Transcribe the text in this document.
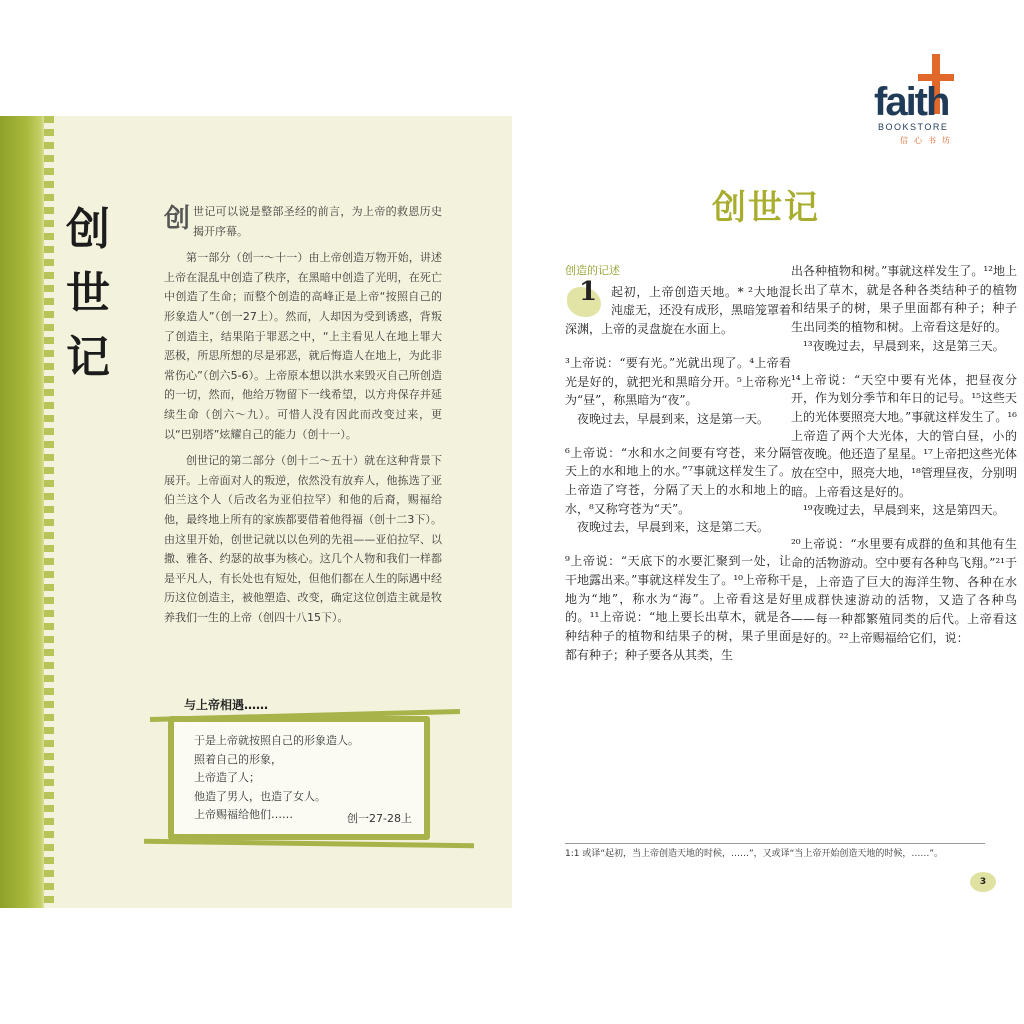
创
世
记

创世记可以说是整部圣经的前言，为上帝的救恩历史揭开序幕。

第一部分（创一～十一）由上帝创造万物开始，讲述上帝在混乱中创造了秩序，在黑暗中创造了光明，在死亡中创造了生命；而整个创造的高峰正是上帝“按照自己的形象造人”（创一27上）。然而，人却因为受到诱惑，背叛了创造主，结果陷于罪恶之中，“上主看见人在地上罪大恶极，所思所想的尽是邪恶，就后悔造人在地上，为此非常伤心”（创六5-6）。上帝原本想以洪水来毁灭自己所创造的一切，然而，他给万物留下一线希望，以方舟保存并延续生命（创六～九）。可惜人没有因此而改变过来，更以“巴别塔”炫耀自己的能力（创十一）。

创世记的第二部分（创十二～五十）就在这种背景下展开。上帝面对人的叛逆，依然没有放弃人，他拣选了亚伯兰这个人（后改名为亚伯拉罕）和他的后裔，赐福给他，最终地上所有的家族都要借着他得福（创十二3下）。由这里开始，创世记就以以色列的先祖——亚伯拉罕、以撒、雅各、约瑟的故事为核心。这几个人物和我们一样都是平凡人，有长处也有短处，但他们都在人生的际遇中经历这位创造主，被他塑造、改变，确定这位创造主就是牧养我们一生的上帝（创四十八15下）。

与上帝相遇……
于是上帝就按照自己的形象造人。
照着自己的形象，
上帝造了人；
他造了男人，也造了女人。
上帝赐福给他们……	创一27-28上
faith
BOOKSTORE
信心书坊
创世记
创造的记述

1 起初，上帝创造天地。* ²大地混沌虚无，还没有成形，黑暗笼罩着深渊，上帝的灵盘旋在水面上。

³上帝说：“要有光。”光就出现了。⁴上帝看光是好的，就把光和黑暗分开。⁵上帝称光为“昼”，称黑暗为“夜”。

夜晚过去，早晨到来，这是第一天。

⁶上帝说：“水和水之间要有穹苍，来分隔天上的水和地上的水。”⁷事就这样发生了。上帝造了穹苍，分隔了天上的水和地上的水，⁸又称穹苍为“天”。

夜晚过去，早晨到来，这是第二天。

⁹上帝说：“天底下的水要汇聚到一处，让干地露出来。”事就这样发生了。¹⁰上帝称干地为“地”，称水为“海”。上帝看这是好的。¹¹上帝说：“地上要长出草木，就是各种结种子的植物和结果子的树，果子里面都有种子；种子要各从其类，生

出各种植物和树。”事就这样发生了。¹²地上长出了草木，就是各种各类结种子的植物和结果子的树，果子里面都有种子；种子生出同类的植物和树。上帝看这是好的。

¹³夜晚过去，早晨到来，这是第三天。

¹⁴上帝说：“天空中要有光体，把昼夜分开，作为划分季节和年日的记号。¹⁵这些天上的光体要照亮大地。”事就这样发生了。¹⁶上帝造了两个大光体，大的管白昼，小的管夜晚。他还造了星星。¹⁷上帝把这些光体放在空中，照亮大地，¹⁸管理昼夜，分别明暗。上帝看这是好的。

¹⁹夜晚过去，早晨到来，这是第四天。

²⁰上帝说：“水里要有成群的鱼和其他有生命的活物游动。空中要有各种鸟飞翔。”²¹于是，上帝造了巨大的海洋生物、各种在水里成群快速游动的活物，又造了各种鸟——每一种都繁殖同类的后代。上帝看这是好的。²²上帝赐福给它们，说：

1:1 或译“起初，当上帝创造天地的时候，……”，又或译“当上帝开始创造天地的时候，……”。
3
